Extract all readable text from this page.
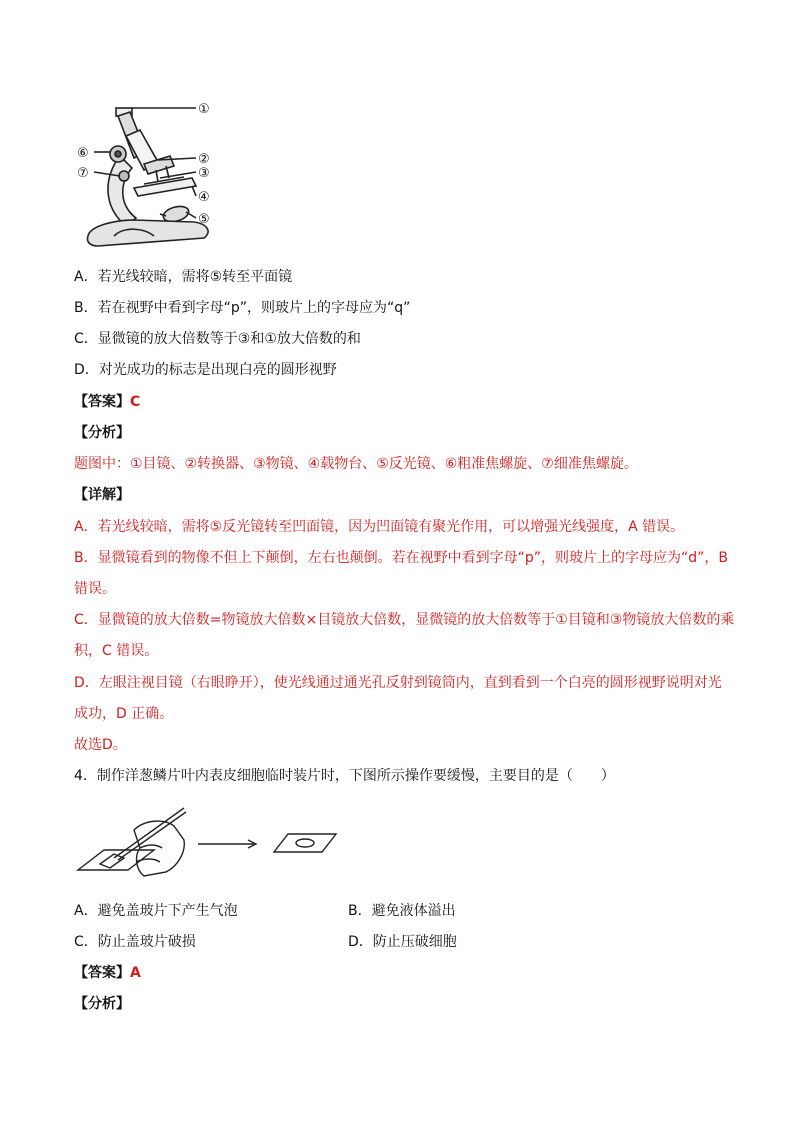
①
②
③
④
⑤
⑥
⑦
A．若光线较暗，需将⑤转至平面镜
B．若在视野中看到字母“p”，则玻片上的字母应为“q”
C．显微镜的放大倍数等于③和①放大倍数的和
D．对光成功的标志是出现白亮的圆形视野
【答案】C
【分析】
题图中：①目镜、②转换器、③物镜、④载物台、⑤反光镜、⑥粗准焦螺旋、⑦细准焦螺旋。
【详解】
A．若光线较暗，需将⑤反光镜转至凹面镜，因为凹面镜有聚光作用，可以增强光线强度，A 错误。
B．显微镜看到的物像不但上下颠倒，左右也颠倒。若在视野中看到字母“p”，则玻片上的字母应为“d”，B
错误。
C．显微镜的放大倍数=物镜放大倍数×目镜放大倍数，显微镜的放大倍数等于①目镜和③物镜放大倍数的乘
积，C 错误。
D．左眼注视目镜（右眼睁开），使光线通过通光孔反射到镜筒内，直到看到一个白亮的圆形视野说明对光
成功，D 正确。
故选D。
4．制作洋葱鳞片叶内表皮细胞临时装片时，下图所示操作要缓慢，主要目的是（　　）
A．避免盖玻片下产生气泡	B．避免液体溢出
C．防止盖玻片破损	D．防止压破细胞
【答案】A
【分析】
